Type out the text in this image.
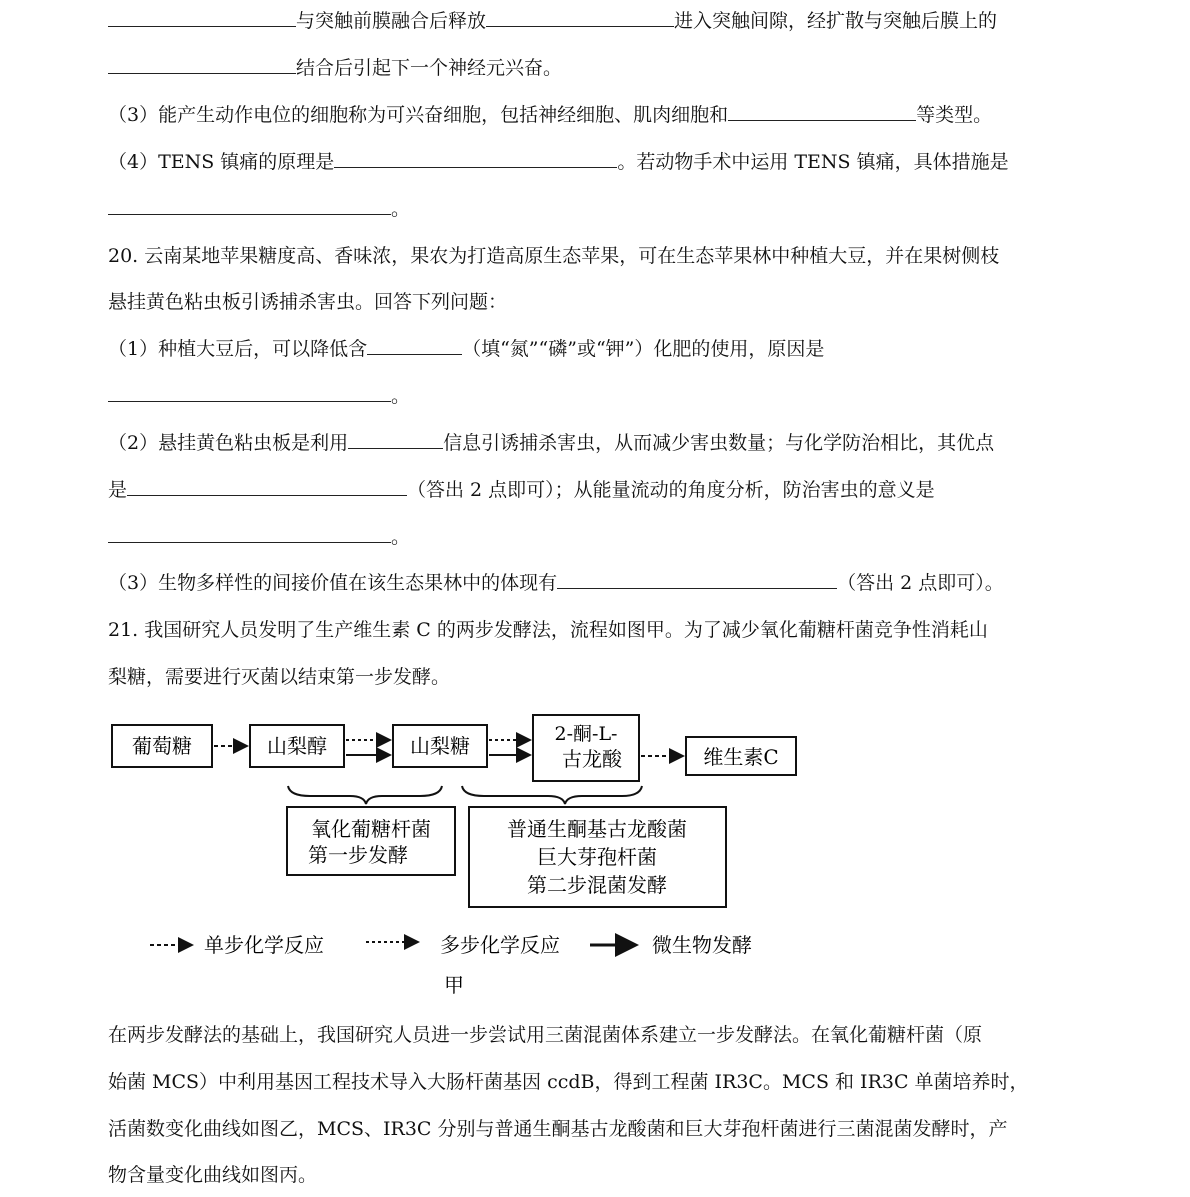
与突触前膜融合后释放	进入突触间隙，经扩散与突触后膜上的
结合后引起下一个神经元兴奋。
（3）能产生动作电位的细胞称为可兴奋细胞，包括神经细胞、肌肉细胞和	等类型。
（4）TENS 镇痛的原理是	。若动物手术中运用 TENS 镇痛，具体措施是
。
20. 云南某地苹果糖度高、香味浓，果农为打造高原生态苹果，可在生态苹果林中种植大豆，并在果树侧枝
悬挂黄色粘虫板引诱捕杀害虫。回答下列问题：
（1）种植大豆后，可以降低含	（填“氮”“磷”或“钾”）化肥的使用，原因是
。
（2）悬挂黄色粘虫板是利用	信息引诱捕杀害虫，从而减少害虫数量；与化学防治相比，其优点
是	（答出 2 点即可）；从能量流动的角度分析，防治害虫的意义是
。
（3）生物多样性的间接价值在该生态果林中的体现有	（答出 2 点即可）。
21. 我国研究人员发明了生产维生素 C 的两步发酵法，流程如图甲。为了减少氧化葡糖杆菌竞争性消耗山
梨糖，需要进行灭菌以结束第一步发酵。
葡萄糖	山梨醇	山梨糖	2-酮-L-
古龙酸	维生素C
氧化葡糖杆菌
第一步发酵
普通生酮基古龙酸菌
巨大芽孢杆菌
第二步混菌发酵
单步化学反应	多步化学反应	微生物发酵
甲
在两步发酵法的基础上，我国研究人员进一步尝试用三菌混菌体系建立一步发酵法。在氧化葡糖杆菌（原
始菌 MCS）中利用基因工程技术导入大肠杆菌基因 ccdB，得到工程菌 IR3C。MCS 和 IR3C 单菌培养时，
活菌数变化曲线如图乙，MCS、IR3C 分别与普通生酮基古龙酸菌和巨大芽孢杆菌进行三菌混菌发酵时，产
物含量变化曲线如图丙。
